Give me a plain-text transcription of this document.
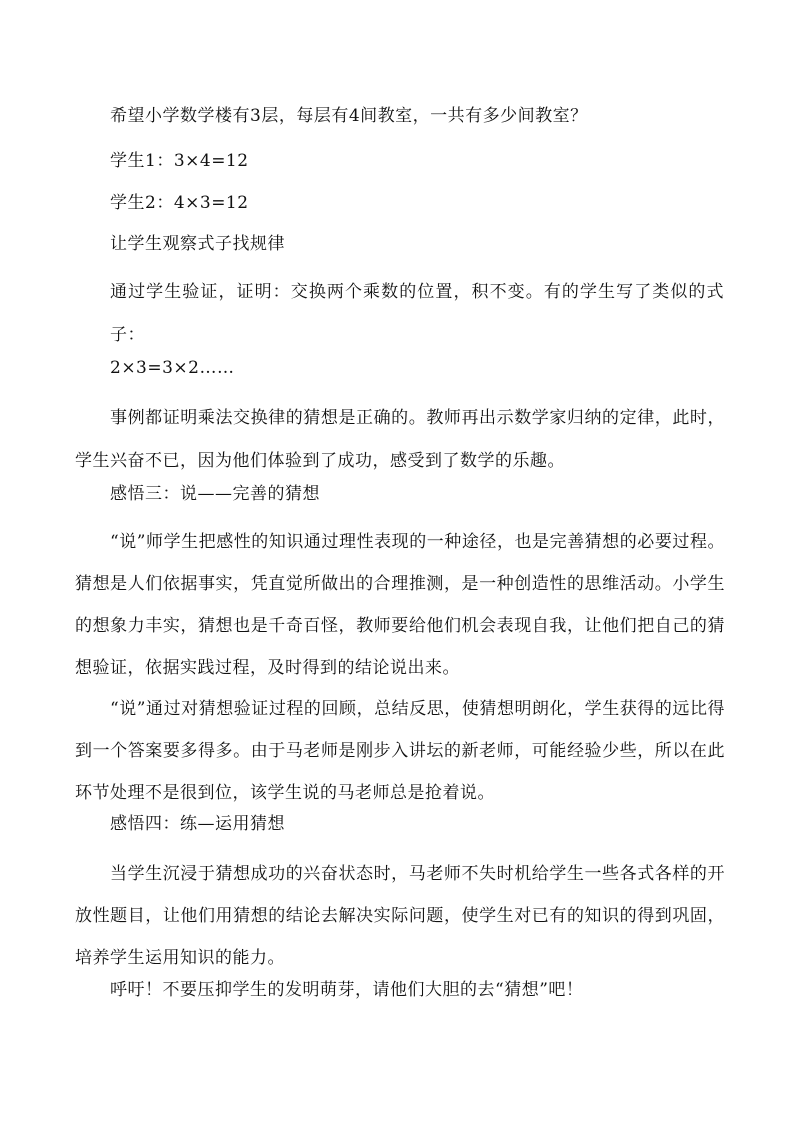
希望小学数学楼有3层，每层有4间教室，一共有多少间教室？
学生1：3×4=12
学生2：4×3=12
让学生观察式子找规律
通过学生验证，证明：交换两个乘数的位置，积不变。有的学生写了类似的式子：
2×3=3×2……
事例都证明乘法交换律的猜想是正确的。教师再出示数学家归纳的定律，此时，学生兴奋不已，因为他们体验到了成功，感受到了数学的乐趣。
感悟三：说——完善的猜想
“说”师学生把感性的知识通过理性表现的一种途径，也是完善猜想的必要过程。猜想是人们依据事实，凭直觉所做出的合理推测，是一种创造性的思维活动。小学生的想象力丰实，猜想也是千奇百怪，教师要给他们机会表现自我，让他们把自己的猜想验证，依据实践过程，及时得到的结论说出来。
“说”通过对猜想验证过程的回顾，总结反思，使猜想明朗化，学生获得的远比得到一个答案要多得多。由于马老师是刚步入讲坛的新老师，可能经验少些，所以在此环节处理不是很到位，该学生说的马老师总是抢着说。
感悟四：练—运用猜想
当学生沉浸于猜想成功的兴奋状态时，马老师不失时机给学生一些各式各样的开放性题目，让他们用猜想的结论去解决实际问题，使学生对已有的知识的得到巩固，培养学生运用知识的能力。
呼吁！不要压抑学生的发明萌芽，请他们大胆的去“猜想”吧！
